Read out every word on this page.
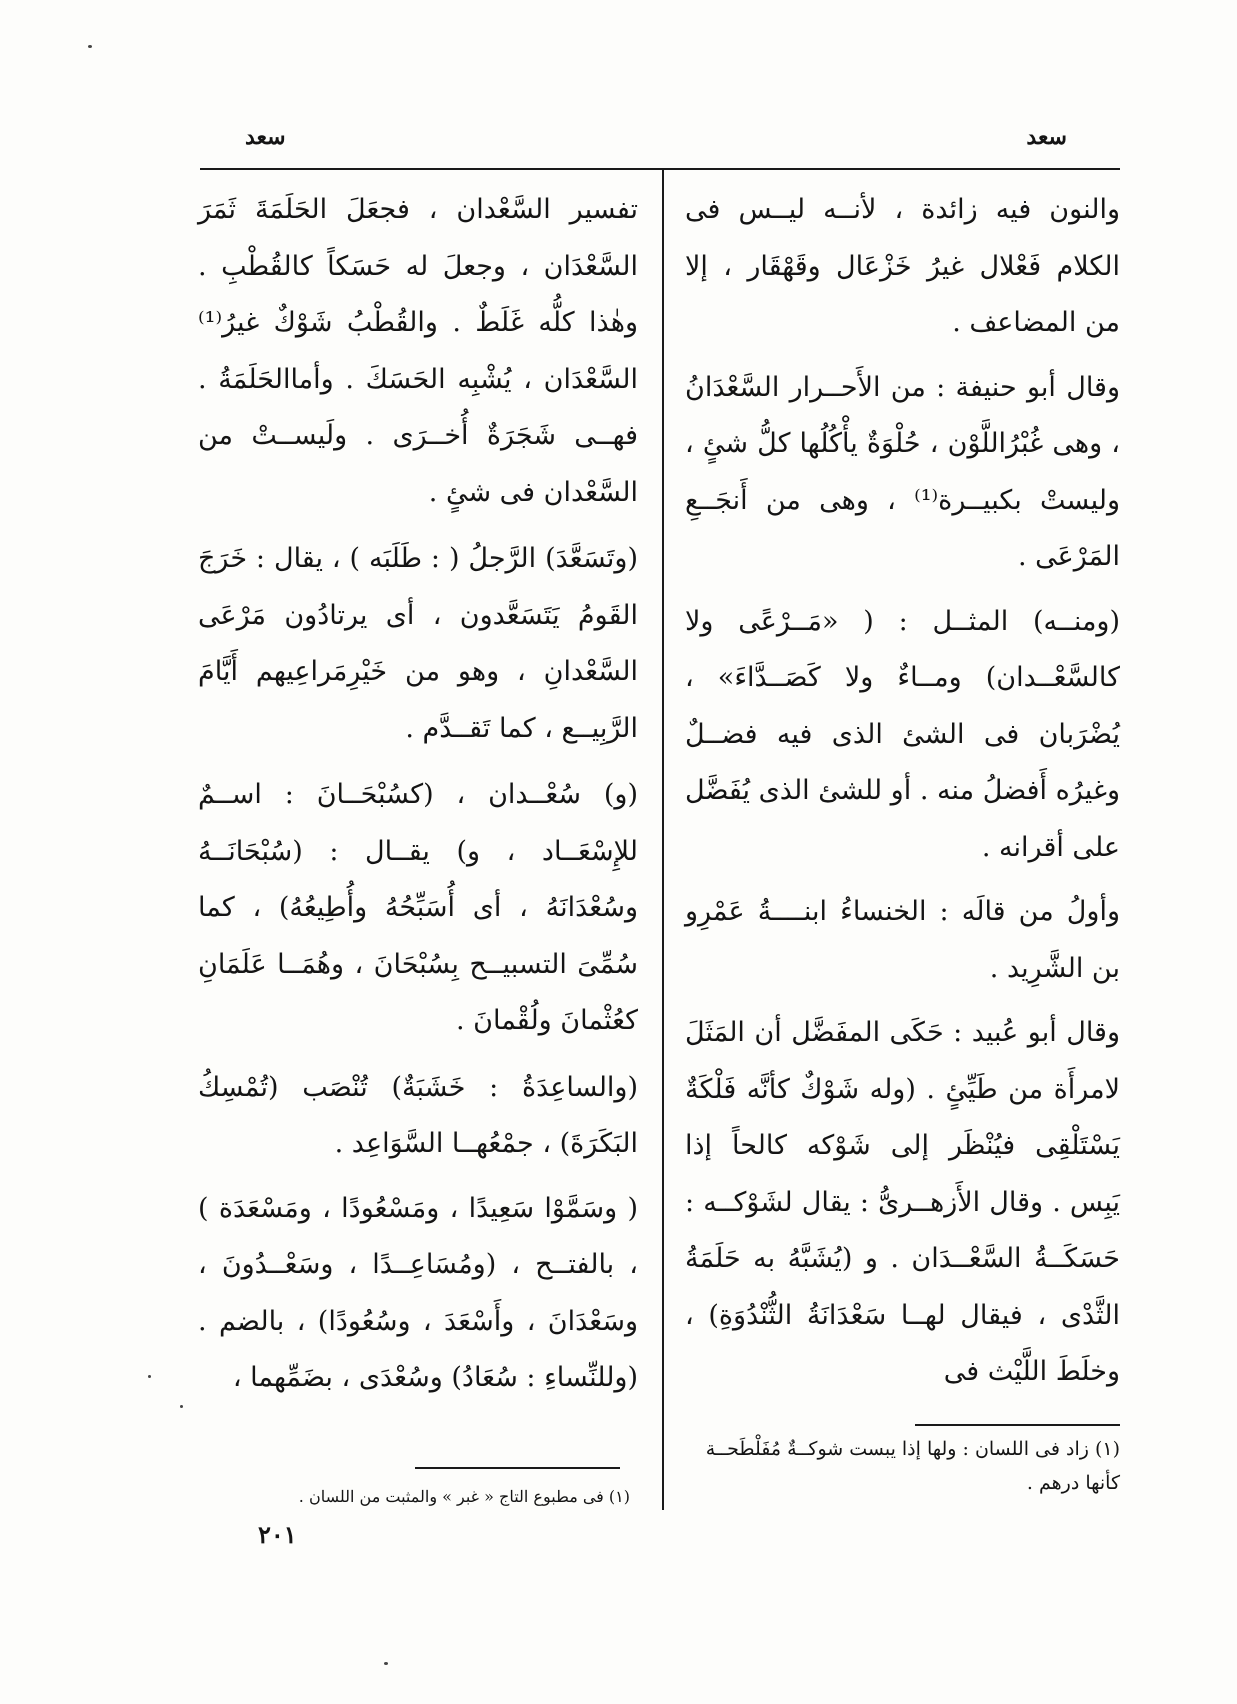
سعد
سعد

والنون فيه زائدة ، لأنــه ليــس فى الكلام فَعْلال غيرُ خَزْعَال وقَهْقَار ، إلا من المضاعف .

وقال أبو حنيفة : من الأَحــرار السَّعْدَانُ ، وهى غُبْرُاللَّوْن ، حُلْوَةٌ يأْكُلُها كلُّ شئٍ ، وليستْ بكبيــرة⁽¹⁾ ، وهى من أَنجَــعِ المَرْعَى .

(ومنــه) المثــل : ( «مَــرْعًى ولا كالسَّعْــدان) ومــاءٌ ولا كَصَــدَّاءَ» ، يُضْرَبان فى الشئ الذى فيه فضــلٌ وغيرُه أَفضلُ منه . أو للشئ الذى يُفَضَّل على أقرانه .

وأولُ من قالَه : الخنساءُ ابنــــةُ عَمْرِو بن الشَّرِيد .

وقال أبو عُبيد : حَكَى المفَضَّل أن المَثَلَ لامرأَة من طَيِّئٍ . (وله شَوْكٌ كأنَّه فَلْكَةٌ يَسْتَلْقِى فيُنْظَر إلى شَوْكه كالحاً إذا يَبِس . وقال الأَزهــرىُّ : يقال لشَوْكــه : حَسَكَــةُ السَّعْــدَان . و (يُشَبَّهُ به حَلَمَةُ الثَّدْى ، فيقال لهــا سَعْدَانَةُ الثُّنْدُوَةِ) ، وخلَطَ اللَّيْث فى

تفسير السَّعْدان ، فجعَلَ الحَلَمَةَ ثَمَرَ السَّعْدَان ، وجعلَ له حَسَكاً كالقُطْبِ . وهٰذا كلُّه غَلَطٌ . والقُطْبُ شَوْكٌ غيرُ⁽¹⁾ السَّعْدَان ، يُشْبِه الحَسَكَ . وأماالحَلَمَةُ . فهــى شَجَرَةٌ أُخــرَى . ولَيســتْ من السَّعْدان فى شئٍ .

(وتَسَعَّدَ) الرَّجلُ ( : طَلَبَه ) ، يقال : خَرَجَ القَومُ يَتَسَعَّدون ، أى يرتادُون مَرْعَى السَّعْدانِ ، وهو من خَيْرِمَراعِيهم أَيَّامَ الرَّبِيــع ، كما تَقــدَّم .

(و) سُعْــدان ، (كسُبْحَــانَ : اســمٌ للإِسْعَــاد ، و) يقــال : (سُبْحَانَــهُ وسُعْدَانَهُ ، أى أُسَبِّحُهُ وأُطِيعُهُ) ، كما سُمِّىَ التسبيــح بِسُبْحَانَ ، وهُمَــا عَلَمَانِ كعُثْمانَ ولُقْمانَ .

(والساعِدَةُ : خَشَبَةٌ) تُنْصَب (تُمْسِكُ البَكَرَةَ) ، جمْعُهــا السَّوَاعِد .

( وسَمَّوْا سَعِيدًا ، ومَسْعُودًا ، ومَسْعَدَة ) ، بالفتــح ، (ومُسَاعِــدًا ، وسَعْــدُونَ ، وسَعْدَانَ ، وأَسْعَدَ ، وسُعُودًا) ، بالضم . (وللنِّساءِ : سُعَادُ) وسُعْدَى ، بضَمِّهما ،

(١) زاد فى اللسان : ولها إذا يبست شوكــةٌ مُفَلْطَحــة كأنها درهم .
(١) فى مطبوع التاج « غبر » والمثبت من اللسان .
٢٠١
